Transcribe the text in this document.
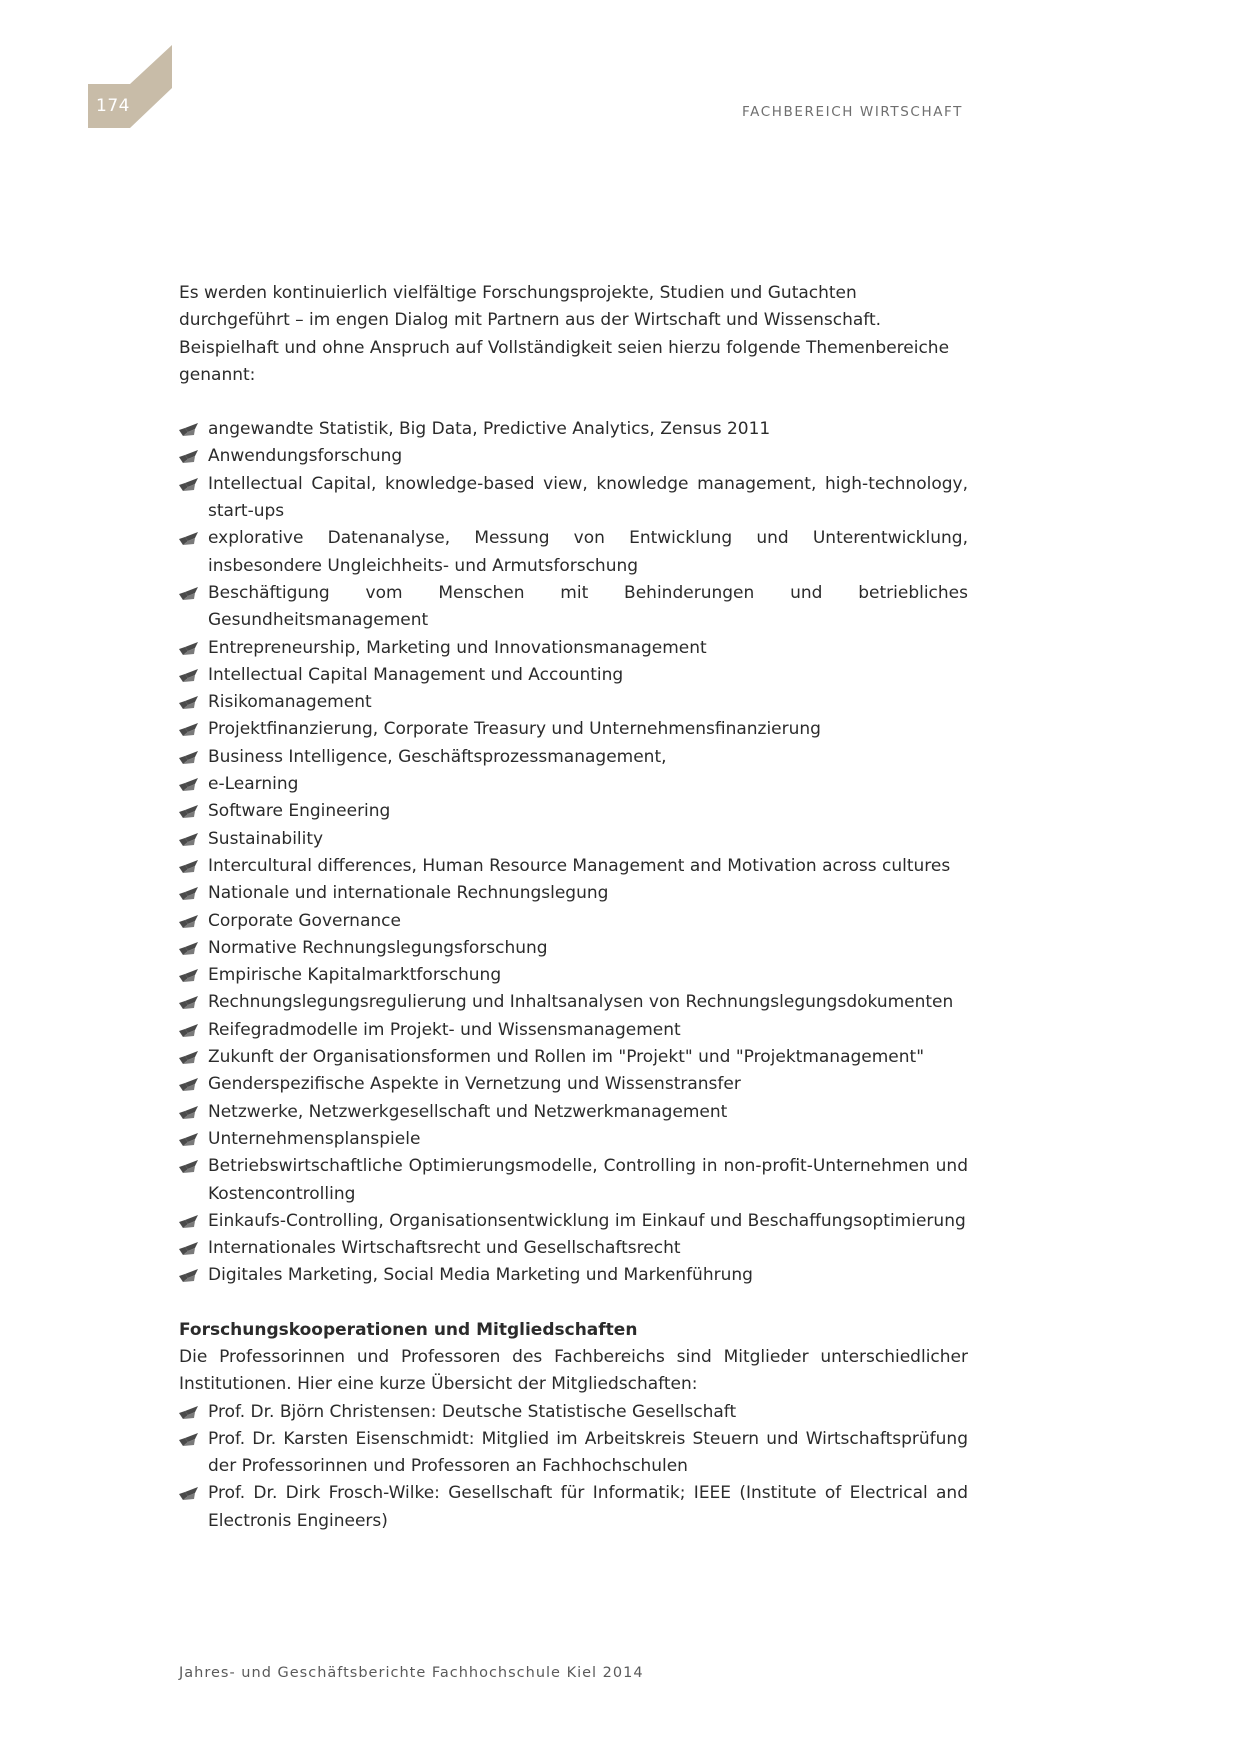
174	FACHBEREICH WIRTSCHAFT

Es werden kontinuierlich vielfältige Forschungsprojekte, Studien und Gutachten durchgeführt – im engen Dialog mit Partnern aus der Wirtschaft und Wissenschaft. Beispielhaft und ohne Anspruch auf Vollständigkeit seien hierzu folgende Themenbereiche genannt:

angewandte Statistik, Big Data, Predictive Analytics, Zensus 2011
Anwendungsforschung
Intellectual Capital, knowledge-based view, knowledge management, high-technology, start-ups
explorative Datenanalyse, Messung von Entwicklung und Unterentwicklung, insbesondere Ungleichheits- und Armutsforschung
Beschäftigung vom Menschen mit Behinderungen und betriebliches Gesundheitsmanagement
Entrepreneurship, Marketing und Innovationsmanagement
Intellectual Capital Management und Accounting
Risikomanagement
Projektfinanzierung, Corporate Treasury und Unternehmensfinanzierung
Business Intelligence, Geschäftsprozessmanagement,
e-Learning
Software Engineering
Sustainability
Intercultural differences, Human Resource Management and Motivation across cultures
Nationale und internationale Rechnungslegung
Corporate Governance
Normative Rechnungslegungsforschung
Empirische Kapitalmarktforschung
Rechnungslegungsregulierung und Inhaltsanalysen von Rechnungslegungsdokumenten
Reifegradmodelle im Projekt- und Wissensmanagement
Zukunft der Organisationsformen und Rollen im "Projekt" und "Projektmanagement"
Genderspezifische Aspekte in Vernetzung und Wissenstransfer
Netzwerke, Netzwerkgesellschaft und Netzwerkmanagement
Unternehmensplanspiele
Betriebswirtschaftliche Optimierungsmodelle, Controlling in non-profit-Unternehmen und Kostencontrolling
Einkaufs-Controlling, Organisationsentwicklung im Einkauf und Beschaffungsoptimierung
Internationales Wirtschaftsrecht und Gesellschaftsrecht
Digitales Marketing, Social Media Marketing und Markenführung
Forschungskooperationen und Mitgliedschaften

Die Professorinnen und Professoren des Fachbereichs sind Mitglieder unterschiedlicher Institutionen. Hier eine kurze Übersicht der Mitgliedschaften:

Prof. Dr. Björn Christensen: Deutsche Statistische Gesellschaft
Prof. Dr. Karsten Eisenschmidt: Mitglied im Arbeitskreis Steuern und Wirtschaftsprüfung der Professorinnen und Professoren an Fachhochschulen
Prof. Dr. Dirk Frosch-Wilke: Gesellschaft für Informatik; IEEE (Institute of Electrical and Electronis Engineers)
Jahres- und Geschäftsberichte Fachhochschule Kiel 2014
